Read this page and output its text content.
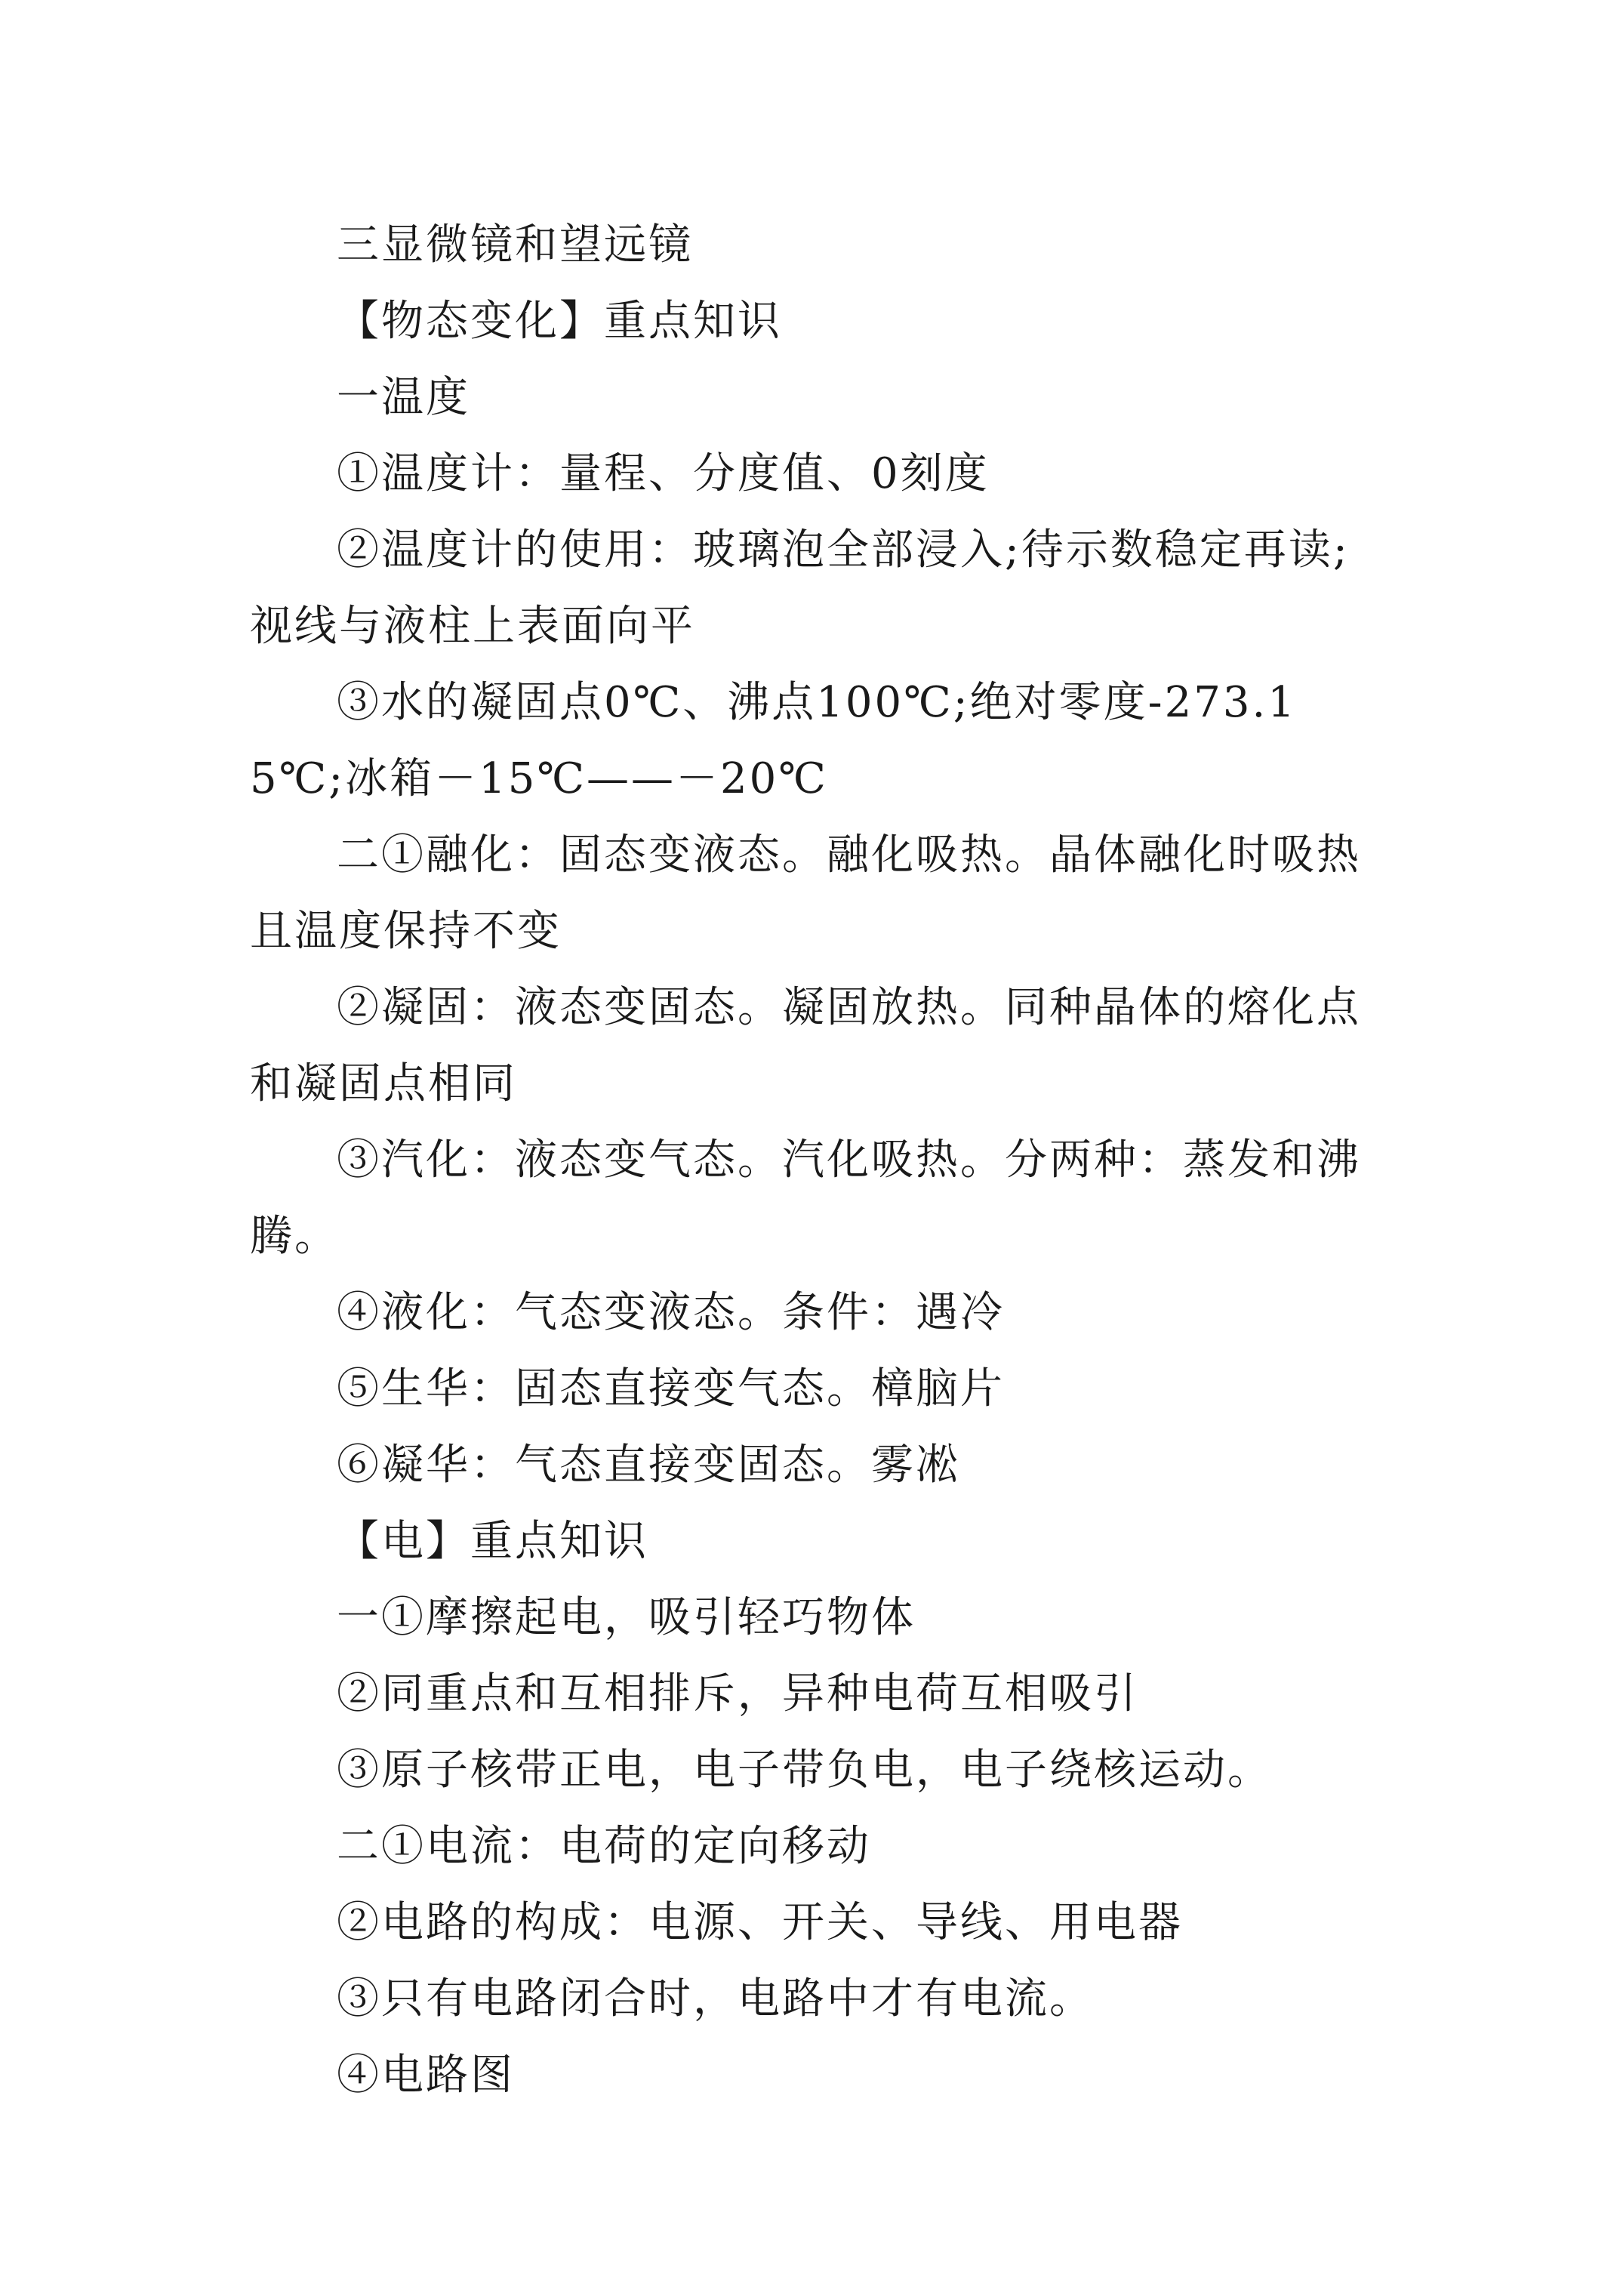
三显微镜和望远镜

【物态变化】重点知识

一温度

①温度计：量程、分度值、0刻度

②温度计的使用：玻璃泡全部浸入;待示数稳定再读;视线与液柱上表面向平

③水的凝固点0℃、沸点100℃;绝对零度-273.15℃;冰箱－15℃——－20℃

二①融化：固态变液态。融化吸热。晶体融化时吸热且温度保持不变

②凝固：液态变固态。凝固放热。同种晶体的熔化点和凝固点相同

③汽化：液态变气态。汽化吸热。分两种：蒸发和沸腾。

④液化：气态变液态。条件：遇冷

⑤生华：固态直接变气态。樟脑片

⑥凝华：气态直接变固态。雾凇

【电】重点知识

一①摩擦起电，吸引轻巧物体

②同重点和互相排斥，异种电荷互相吸引

③原子核带正电，电子带负电，电子绕核运动。

二①电流：电荷的定向移动

②电路的构成：电源、开关、导线、用电器

③只有电路闭合时，电路中才有电流。

④电路图
